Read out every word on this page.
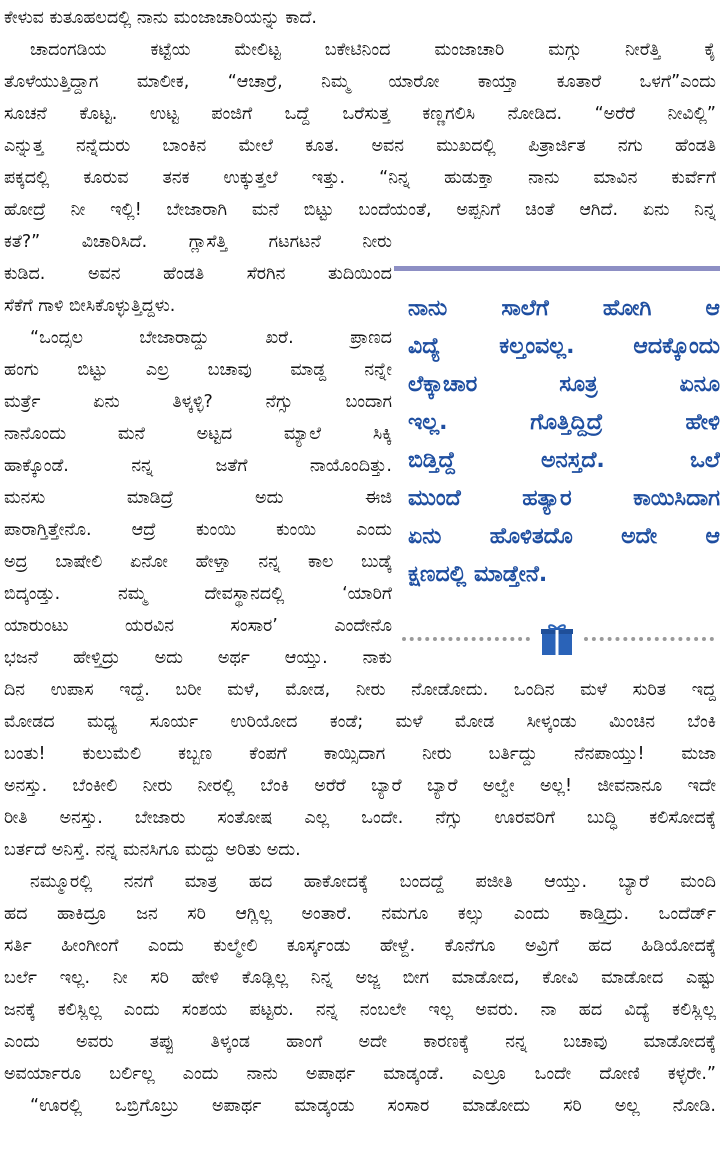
ಕೇಳುವ ಕುತೂಹಲದಲ್ಲಿ ನಾನು ಮಂಜಾಚಾರಿಯನ್ನು ಕಾದೆ.
ಚಾದಂಗಡಿಯ ಕಟ್ಟೆಯ ಮೇಲಿಟ್ಟ ಬಕೇಟಿನಿಂದ ಮಂಜಾಚಾರಿ ಮಗ್ಗು ನೀರೆತ್ತಿ ಕೈ
ತೊಳೆಯುತ್ತಿದ್ದಾಗ ಮಾಲೀಕ, “ಆಚಾರ್ರೆ, ನಿಮ್ಮ ಯಾರೋ ಕಾಯ್ತಾ ಕೂತಾರೆ ಒಳಗೆ”ಎಂದು
ಸೂಚನೆ ಕೊಟ್ಟ. ಉಟ್ಟ ಪಂಜಿಗೆ ಒದ್ದೆ ಒರೆಸುತ್ತ ಕಣ್ಣಗಲಿಸಿ ನೋಡಿದ. “ಅರೆರೆ ನೀವಿಲ್ಲಿ”
ಎನ್ನುತ್ತ ನನ್ನೆದುರು ಬಾಂಕಿನ ಮೇಲೆ ಕೂತ. ಅವನ ಮುಖದಲ್ಲಿ ಪಿತ್ರಾರ್ಜಿತ ನಗು ಹೆಂಡತಿ
ಪಕ್ಕದಲ್ಲಿ ಕೂರುವ ತನಕ ಉಕ್ಕುತ್ತಲೆ ಇತ್ತು. “ನಿನ್ನ ಹುಡುಕ್ತಾ ನಾನು ಮಾವಿನ ಕುರ್ವೆಗೆ
ಹೋದ್ರೆ ನೀ ಇಲ್ಲಿ! ಬೇಜಾರಾಗಿ ಮನೆ ಬಿಟ್ಟು ಬಂದೆಯಂತೆ, ಅಪ್ಪನಿಗೆ ಚಿಂತೆ ಆಗಿದೆ. ಏನು ನಿನ್ನ
ಕತೆ?” ವಿಚಾರಿಸಿದೆ. ಗ್ಲಾಸೆತ್ತಿ ಗಟಗಟನೆ ನೀರು
ಕುಡಿದ. ಅವನ ಹೆಂಡತಿ ಸೆರಗಿನ ತುದಿಯಿಂದ
ಸೆಕೆಗೆ ಗಾಳಿ ಬೀಸಿಕೊಳ್ಳುತ್ತಿದ್ದಳು.
“ಒಂದ್ಸಲ ಬೇಜಾರಾದ್ದು ಖರೆ. ಪ್ರಾಣದ
ಹಂಗು ಬಿಟ್ಟು ಎಲ್ರ ಬಚಾವು ಮಾಡ್ದ ನನ್ನೇ
ಮರ್ತ್ರೆ ಏನು ತಿಳ್ಕಳ್ಳಿ? ನೆಗ್ಸು ಬಂದಾಗ
ನಾನೊಂದು ಮನೆ ಅಟ್ಟದ ಮ್ಯಾಲೆ ಸಿಕ್ಕಿ
ಹಾಕ್ಕೊಂಡೆ. ನನ್ನ ಜತೆಗೆ ನಾಯೊಂದಿತ್ತು.
ಮನಸು ಮಾಡಿದ್ರೆ ಅದು ಈಜಿ
ಪಾರಾಗ್ತಿತ್ತೇನೊ. ಆದ್ರೆ ಕುಂಯಿ ಕುಂಯಿ ಎಂದು
ಅದ್ರ ಬಾಷೇಲಿ ಏನೋ ಹೇಳ್ತಾ ನನ್ನ ಕಾಲ ಬುಡ್ಕೆ
ಬಿದ್ಕಂಡ್ತು. ನಮ್ಮ ದೇವಸ್ಥಾನದಲ್ಲಿ ‘ಯಾರಿಗೆ
ಯಾರುಂಟು ಯರವಿನ ಸಂಸಾರ’ ಎಂದೇನೊ
ಭಜನೆ ಹೇಳ್ತಿದ್ರು ಅದು ಅರ್ಥ ಆಯ್ತು. ನಾಕು
ದಿನ ಉಪಾಸ ಇದ್ದೆ. ಬರೀ ಮಳೆ, ಮೋಡ, ನೀರು ನೋಡೋದು. ಒಂದಿನ ಮಳೆ ಸುರಿತ ಇದ್ದ
ಮೋಡದ ಮಧ್ಯ ಸೂರ್ಯ ಉರಿಯೋದ ಕಂಡೆ; ಮಳೆ ಮೋಡ ಸೀಳ್ಕಂಡು ಮಿಂಚಿನ ಬೆಂಕಿ
ಬಂತು! ಕುಲುಮೆಲಿ ಕಬ್ಬಣ ಕೆಂಪಗೆ ಕಾಯ್ಸಿದಾಗ ನೀರು ಬರ್ತಿದ್ದು ನೆನಪಾಯ್ತು! ಮಜಾ
ಅನಸ್ತು. ಬೆಂಕೀಲಿ ನೀರು ನೀರಲ್ಲಿ ಬೆಂಕಿ ಅರೆರೆ ಬ್ಯಾರೆ ಬ್ಯಾರೆ ಅಲ್ವೇ ಅಲ್ಲ! ಜೀವನಾನೂ ಇದೇ
ರೀತಿ ಅನಸ್ತು. ಬೇಜಾರು ಸಂತೋಷ ಎಲ್ಲ ಒಂದೇ. ನೆಗ್ಸು ಊರವರಿಗೆ ಬುದ್ಧಿ ಕಲಿಸೋದಕ್ಕೆ
ಬರ್ತದೆ ಅನಿಸ್ತೆ. ನನ್ನ ಮನಸಿಗೂ ಮದ್ದು ಅರಿತು ಅದು.
ನಮ್ಮೂರಲ್ಲಿ ನನಗೆ ಮಾತ್ರ ಹದ ಹಾಕೋದಕ್ಕೆ ಬಂದದ್ದೆ ಪಜೀತಿ ಆಯ್ತು. ಬ್ಯಾರೆ ಮಂದಿ
ಹದ ಹಾಕಿದ್ರೂ ಜನ ಸರಿ ಆಗ್ಲಿಲ್ಲ ಅಂತಾರೆ. ನಮಗೂ ಕಲ್ಸು ಎಂದು ಕಾಡ್ತಿದ್ರು. ಒಂದೆರ್ಡ್
ಸರ್ತಿ ಹೀಂಗೀಂಗೆ ಎಂದು ಕುಲ್ಮೇಲಿ ಕೂರ್ಸ್ಕಂಡು ಹೇಳ್ದೆ. ಕೊನೆಗೂ ಅವ್ರಿಗೆ ಹದ ಹಿಡಿಯೋದಕ್ಕೆ
ಬರ್ಲೆ ಇಲ್ಲ. ನೀ ಸರಿ ಹೇಳಿ ಕೊಡ್ಲಿಲ್ಲ ನಿನ್ನ ಅಜ್ಜ ಬೀಗ ಮಾಡೋದ, ಕೋವಿ ಮಾಡೋದ ಎಷ್ಟು
ಜನಕ್ಕೆ ಕಲಿಸ್ಲಿಲ್ಲ ಎಂದು ಸಂಶಯ ಪಟ್ಟರು. ನನ್ನ ನಂಬಲೇ ಇಲ್ಲ ಅವರು. ನಾ ಹದ ವಿದ್ಯೆ ಕಲಿಸ್ಲಿಲ್ಲ
ಎಂದು ಅವರು ತಪ್ಪು ತಿಳ್ಕಂಡ ಹಾಂಗೆ ಅದೇ ಕಾರಣಕ್ಕೆ ನನ್ನ ಬಚಾವು ಮಾಡೋದಕ್ಕೆ
ಅವರ್ಯಾರೂ ಬರ್ಲಿಲ್ಲ ಎಂದು ನಾನು ಅಪಾರ್ಥ ಮಾಡ್ಕಂಡೆ. ಎಲ್ರೂ ಒಂದೇ ದೋಣಿ ಕಳ್ಳರೇ.”
“ಊರಲ್ಲಿ ಒಬ್ರಿಗೊಬ್ರು ಅಪಾರ್ಥ ಮಾಡ್ಕಂಡು ಸಂಸಾರ ಮಾಡೋದು ಸರಿ ಅಲ್ಲ ನೋಡಿ.
ನಾನು ಸಾಲೆಗೆ ಹೋಗಿ ಆ
ವಿದ್ಯೆ ಕಲ್ತಂವಲ್ಲ. ಆದಕ್ಕೊಂದು
ಲೆಕ್ಕಾಚಾರ ಸೂತ್ರ ಏನೂ
ಇಲ್ಲ. ಗೊತ್ತಿದ್ದಿದ್ರೆ ಹೇಳಿ
ಬಿಡ್ತಿದ್ದೆ ಅನಸ್ತದೆ. ಒಲೆ
ಮುಂದೆ ಹತ್ಯಾರ ಕಾಯಿಸಿದಾಗ
ಏನು ಹೊಳಿತದೊ ಅದೇ ಆ
ಕ್ಷಣದಲ್ಲಿ ಮಾಡ್ತೇನೆ.
